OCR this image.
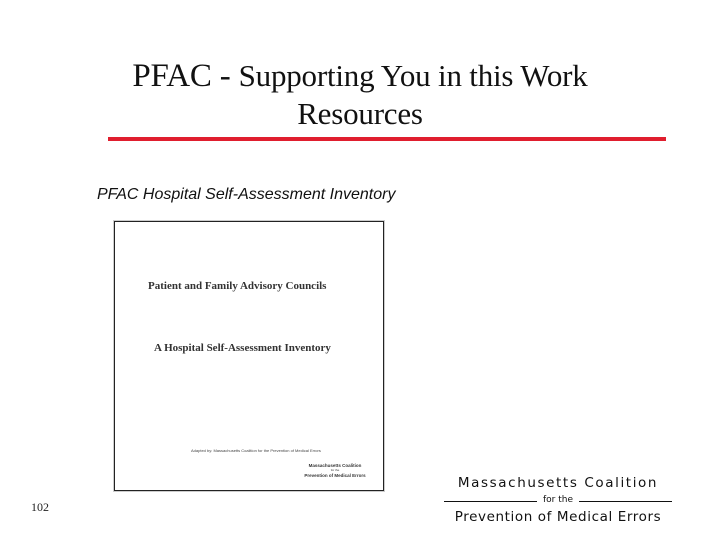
PFAC - Supporting You in this Work
Resources
PFAC Hospital Self-Assessment Inventory
Patient and Family Advisory Councils
A Hospital Self-Assessment Inventory
Adapted by: Massachusetts Coalition for the Prevention of Medical Errors
Massachusetts Coalition
for the
Prevention of Medical Errors
102
Massachusetts Coalition
for the
Prevention of Medical Errors
